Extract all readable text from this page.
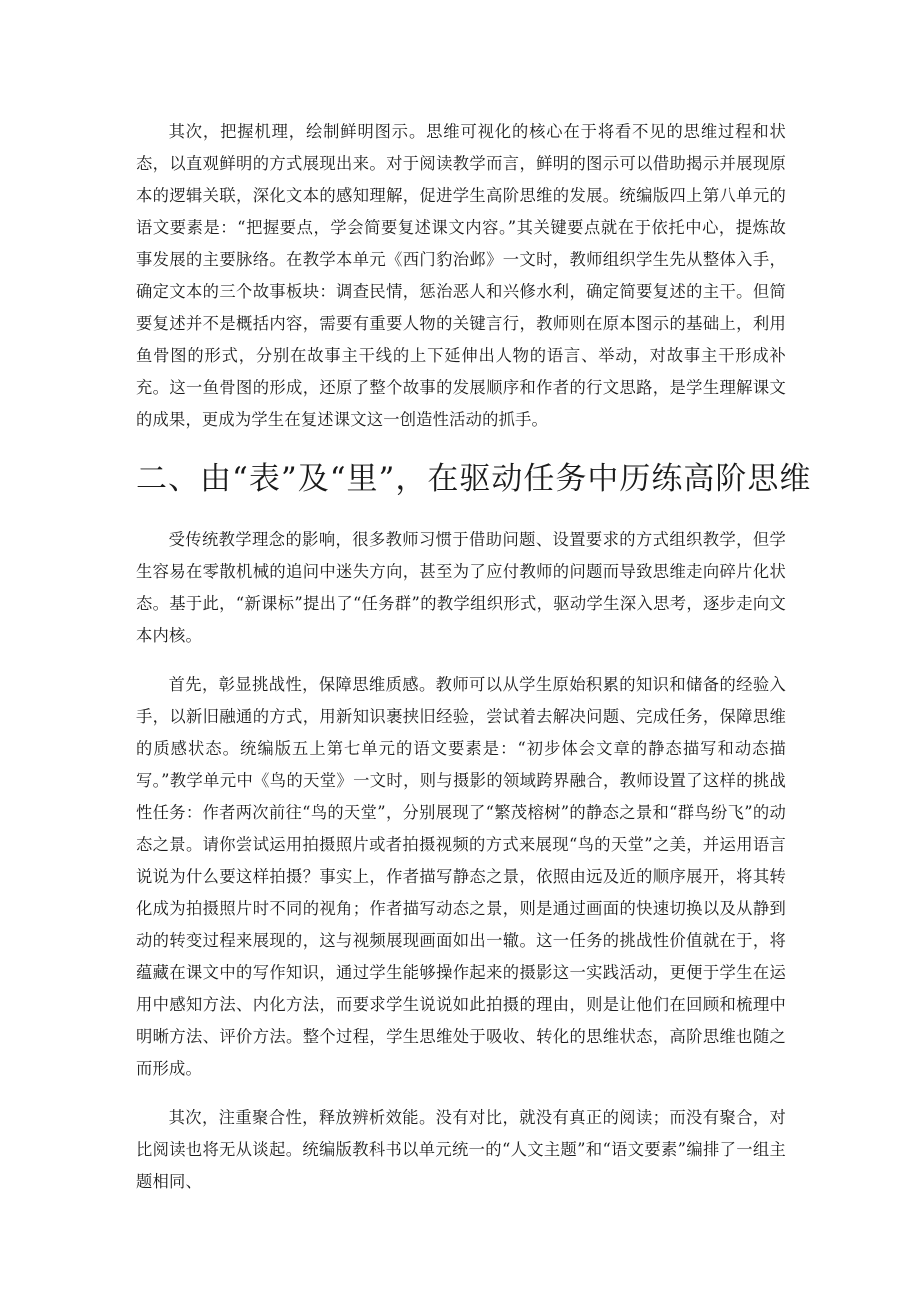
其次，把握机理，绘制鲜明图示。思维可视化的核心在于将看不见的思维过程和状态，以直观鲜明的方式展现出来。对于阅读教学而言，鲜明的图示可以借助揭示并展现原本的逻辑关联，深化文本的感知理解，促进学生高阶思维的发展。统编版四上第八单元的语文要素是：“把握要点，学会简要复述课文内容。”其关键要点就在于依托中心，提炼故事发展的主要脉络。在教学本单元《西门豹治邺》一文时，教师组织学生先从整体入手，确定文本的三个故事板块：调查民情，惩治恶人和兴修水利，确定简要复述的主干。但简要复述并不是概括内容，需要有重要人物的关键言行，教师则在原本图示的基础上，利用鱼骨图的形式，分别在故事主干线的上下延伸出人物的语言、举动，对故事主干形成补充。这一鱼骨图的形成，还原了整个故事的发展顺序和作者的行文思路，是学生理解课文的成果，更成为学生在复述课文这一创造性活动的抓手。

二、由“表”及“里”，在驱动任务中历练高阶思维

受传统教学理念的影响，很多教师习惯于借助问题、设置要求的方式组织教学，但学生容易在零散机械的追问中迷失方向，甚至为了应付教师的问题而导致思维走向碎片化状态。基于此，“新课标”提出了“任务群”的教学组织形式，驱动学生深入思考，逐步走向文本内核。

首先，彰显挑战性，保障思维质感。教师可以从学生原始积累的知识和储备的经验入手，以新旧融通的方式，用新知识裹挟旧经验，尝试着去解决问题、完成任务，保障思维的质感状态。统编版五上第七单元的语文要素是：“初步体会文章的静态描写和动态描写。”教学单元中《鸟的天堂》一文时，则与摄影的领域跨界融合，教师设置了这样的挑战性任务：作者两次前往“鸟的天堂”，分别展现了“繁茂榕树”的静态之景和“群鸟纷飞”的动态之景。请你尝试运用拍摄照片或者拍摄视频的方式来展现“鸟的天堂”之美，并运用语言说说为什么要这样拍摄？事实上，作者描写静态之景，依照由远及近的顺序展开，将其转化成为拍摄照片时不同的视角；作者描写动态之景，则是通过画面的快速切换以及从静到动的转变过程来展现的，这与视频展现画面如出一辙。这一任务的挑战性价值就在于，将蕴藏在课文中的写作知识，通过学生能够操作起来的摄影这一实践活动，更便于学生在运用中感知方法、内化方法，而要求学生说说如此拍摄的理由，则是让他们在回顾和梳理中明晰方法、评价方法。整个过程，学生思维处于吸收、转化的思维状态，高阶思维也随之而形成。

其次，注重聚合性，释放辨析效能。没有对比，就没有真正的阅读；而没有聚合，对比阅读也将无从谈起。统编版教科书以单元统一的“人文主题”和“语文要素”编排了一组主题相同、
